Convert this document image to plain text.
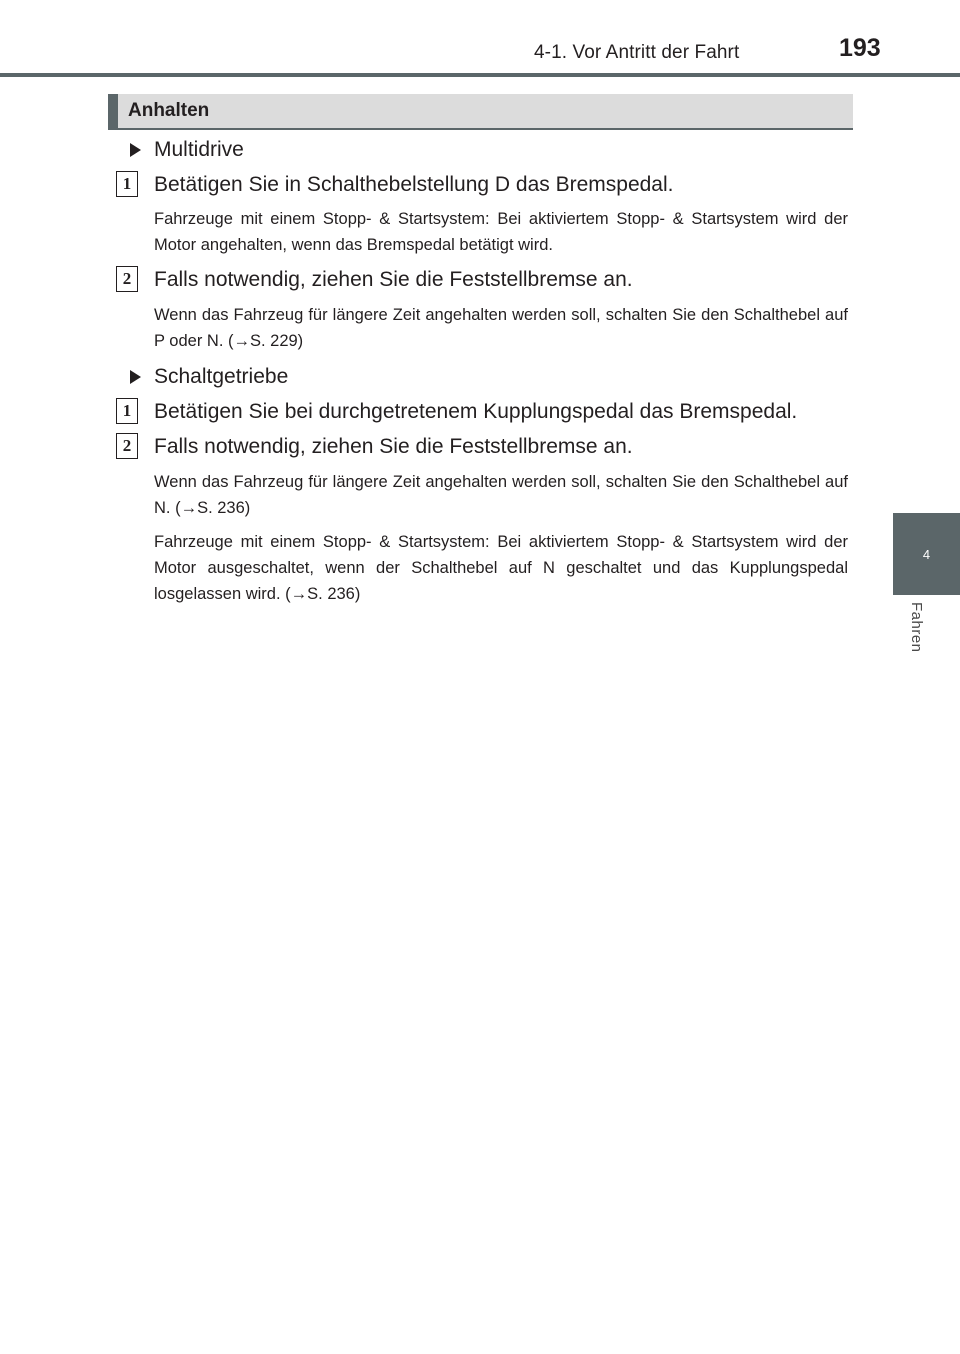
4-1. Vor Antritt der Fahrt	193
4
Fahren
Anhalten
Multidrive
1	Betätigen Sie in Schalthebelstellung D das Bremspedal.
Fahrzeuge mit einem Stopp- & Startsystem: Bei aktiviertem Stopp- & Startsystem wird der Motor angehalten, wenn das Bremspedal betätigt wird.
2	Falls notwendig, ziehen Sie die Feststellbremse an.
Wenn das Fahrzeug für längere Zeit angehalten werden soll, schalten Sie den Schalthebel auf P oder N. (→S. 229)
Schaltgetriebe
1	Betätigen Sie bei durchgetretenem Kupplungspedal das Bremspedal.
2	Falls notwendig, ziehen Sie die Feststellbremse an.
Wenn das Fahrzeug für längere Zeit angehalten werden soll, schalten Sie den Schalthebel auf N. (→S. 236)
Fahrzeuge mit einem Stopp- & Startsystem: Bei aktiviertem Stopp- & Startsystem wird der Motor ausgeschaltet, wenn der Schalthebel auf N geschaltet und das Kupplungspedal losgelassen wird. (→S. 236)
